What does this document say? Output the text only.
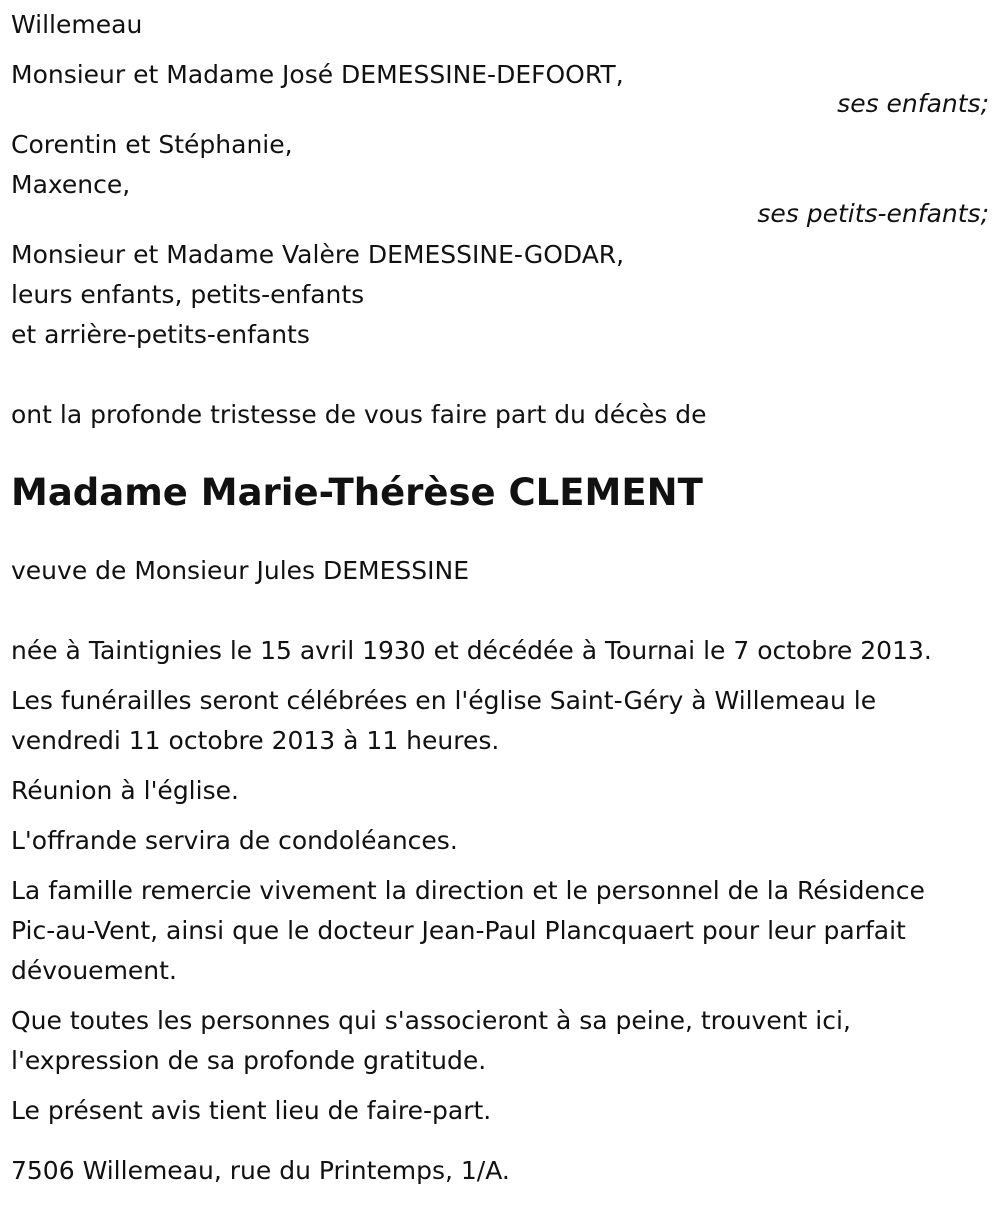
Willemeau
Monsieur et Madame José DEMESSINE-DEFOORT,
ses enfants;
Corentin et Stéphanie,
Maxence,
ses petits-enfants;
Monsieur et Madame Valère DEMESSINE-GODAR,
leurs enfants, petits-enfants
et arrière-petits-enfants
ont la profonde tristesse de vous faire part du décès de
Madame Marie-Thérèse CLEMENT
veuve de Monsieur Jules DEMESSINE
née à Taintignies le 15 avril 1930 et décédée à Tournai le 7 octobre 2013.
Les funérailles seront célébrées en l'église Saint-Géry à Willemeau le
vendredi 11 octobre 2013 à 11 heures.
Réunion à l'église.
L'offrande servira de condoléances.
La famille remercie vivement la direction et le personnel de la Résidence
Pic-au-Vent, ainsi que le docteur Jean-Paul Plancquaert pour leur parfait
dévouement.
Que toutes les personnes qui s'associeront à sa peine, trouvent ici,
l'expression de sa profonde gratitude.
Le présent avis tient lieu de faire-part.
7506 Willemeau, rue du Printemps, 1/A.
